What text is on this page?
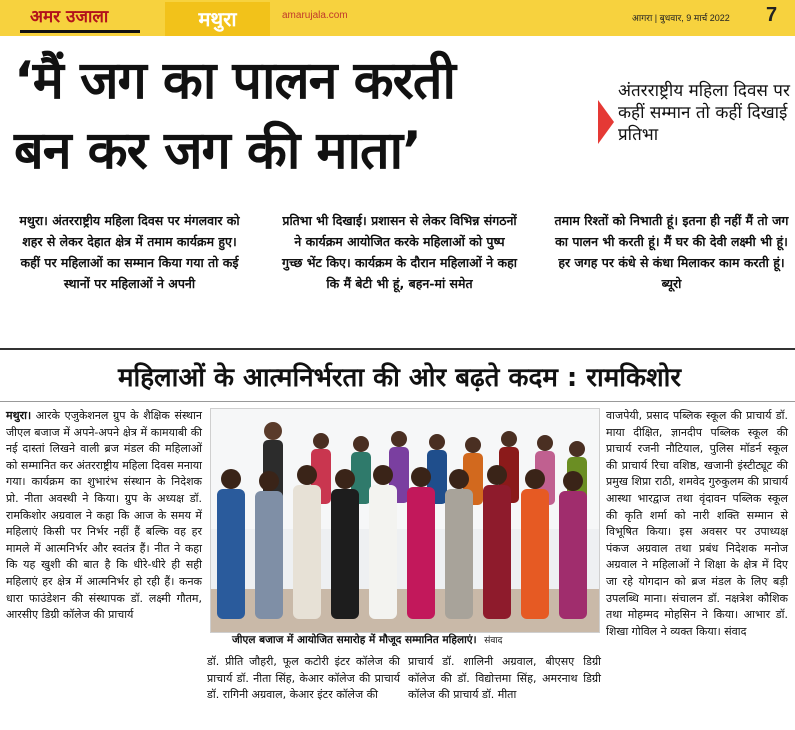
अमर उजाला	मथुरा	amarujala.com	आगरा | बुधवार, 9 मार्च 2022 7
‘मैं जग का पालन करती
बन कर जग की माता’
अंतरराष्ट्रीय महिला दिवस पर कहीं सम्मान तो कहीं दिखाई प्रतिभा
मथुरा। अंतरराष्ट्रीय महिला दिवस पर मंगलवार को शहर से लेकर देहात क्षेत्र में तमाम कार्यक्रम हुए। कहीं पर महिलाओं का सम्मान किया गया तो कई स्थानों पर महिलाओं ने अपनी
प्रतिभा भी दिखाई। प्रशासन से लेकर विभिन्न संगठनों ने कार्यक्रम आयोजित करके महिलाओं को पुष्प गुच्छ भेंट किए। कार्यक्रम के दौरान महिलाओं ने कहा कि मैं बेटी भी हूं, बहन-मां समेत
तमाम रिश्तों को निभाती हूं। इतना ही नहीं मैं तो जग का पालन भी करती हूं। मैं घर की देवी लक्ष्मी भी हूं। हर जगह पर कंधे से कंधा मिलाकर काम करती हूं। ब्यूरो
महिलाओं के आत्मनिर्भरता की ओर बढ़ते कदम : रामकिशोर
मथुरा। आरके एजुकेशनल ग्रुप के शैक्षिक संस्थान जीएल बजाज में अपने-अपने क्षेत्र में कामयाबी की नई दास्तां लिखने वाली ब्रज मंडल की महिलाओं को सम्मानित कर अंतरराष्ट्रीय महिला दिवस मनाया गया। कार्यक्रम का शुभारंभ संस्थान के निदेशक प्रो. नीता अवस्थी ने किया। ग्रुप के अध्यक्ष डॉ. रामकिशोर अग्रवाल ने कहा कि आज के समय में महिलाएं किसी पर निर्भर नहीं हैं बल्कि वह हर मामले में आत्मनिर्भर और स्वतंत्र हैं। नीत ने कहा कि यह खुशी की बात है कि धीरे-धीरे ही सही महिलाएं हर क्षेत्र में आत्मनिर्भर हो रही हैं। कनक धारा फाउंडेशन की संस्थापक डॉ. लक्ष्मी गौतम, आरसीए डिग्री कॉलेज की प्राचार्य
जीएल बजाज में आयोजित समारोह में मौजूद सम्मानित महिलाएं। संवाद
डॉ. प्रीति जौहरी, फूल कटोरी इंटर कॉलेज की प्राचार्य डॉ. नीता सिंह, केआर कॉलेज की प्राचार्य डॉ. रागिनी अग्रवाल, केआर इंटर कॉलेज की
प्राचार्य डॉ. शालिनी अग्रवाल, बीएसए डिग्री कॉलेज की डॉ. विद्योत्तमा सिंह, अमरनाथ डिग्री कॉलेज की प्राचार्य डॉ. मीता
वाजपेयी, प्रसाद पब्लिक स्कूल की प्राचार्य डॉ. माया दीक्षित, ज्ञानदीप पब्लिक स्कूल की प्राचार्य रजनी नौटियाल, पुलिस मॉडर्न स्कूल की प्राचार्य रिचा वशिष्ठ, खजानी इंस्टीट्यूट की प्रमुख शिप्रा राठी, शमवेद गुरुकुलम की प्राचार्य आस्था भारद्वाज तथा वृंदावन पब्लिक स्कूल की कृति शर्मा को नारी शक्ति सम्मान से विभूषित किया। इस अवसर पर उपाध्यक्ष पंकज अग्रवाल तथा प्रबंध निदेशक मनोज अग्रवाल ने महिलाओं ने शिक्षा के क्षेत्र में दिए जा रहे योगदान को ब्रज मंडल के लिए बड़ी उपलब्धि माना। संचालन डॉ. नक्षत्रेश कौशिक तथा मोहम्मद मोहसिन ने किया। आभार डॉ. शिखा गोविल ने व्यक्त किया। संवाद
